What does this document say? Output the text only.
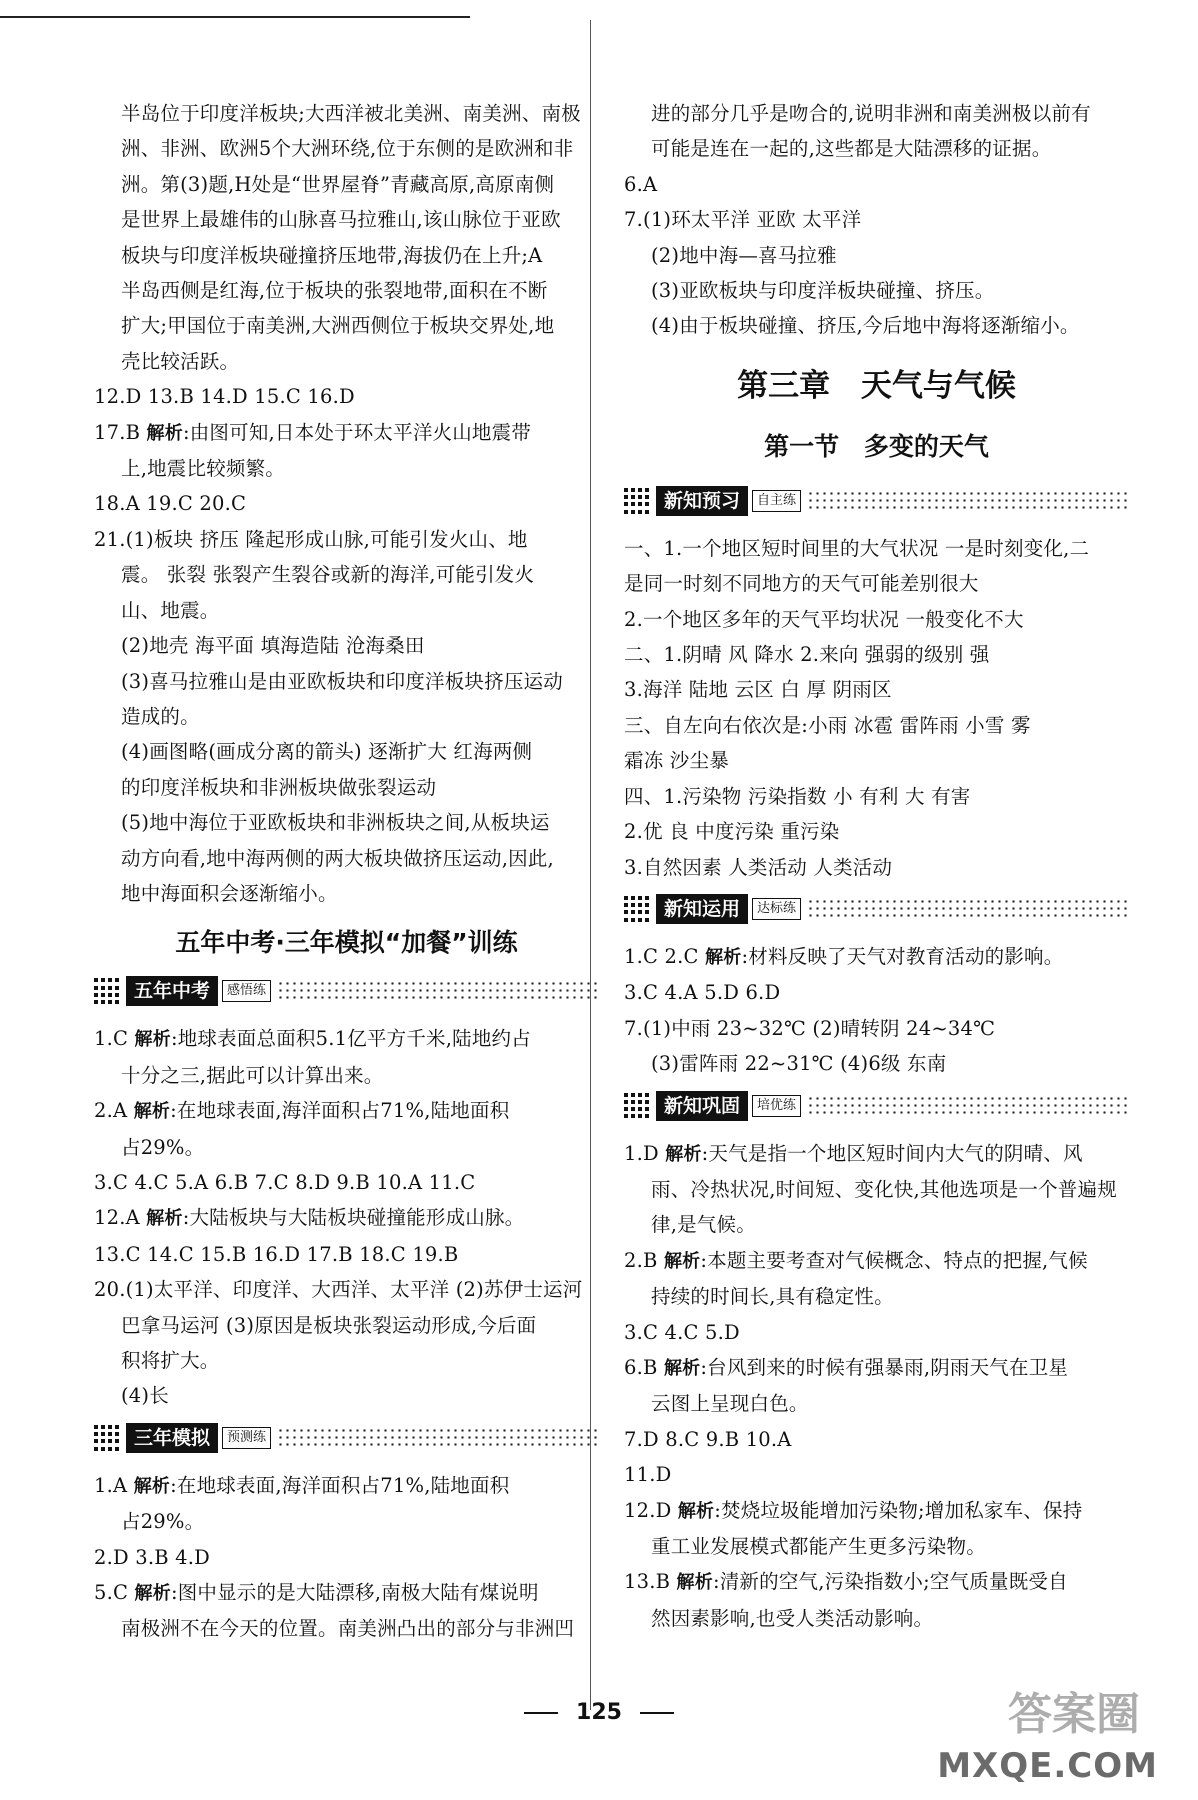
半岛位于印度洋板块;大西洋被北美洲、南美洲、南极
洲、非洲、欧洲5个大洲环绕,位于东侧的是欧洲和非
洲。第(3)题,H处是“世界屋脊”青藏高原,高原南侧
是世界上最雄伟的山脉喜马拉雅山,该山脉位于亚欧
板块与印度洋板块碰撞挤压地带,海拔仍在上升;A
半岛西侧是红海,位于板块的张裂地带,面积在不断
扩大;甲国位于南美洲,大洲西侧位于板块交界处,地
壳比较活跃。
12.D 13.B 14.D 15.C 16.D
17.B 解析:由图可知,日本处于环太平洋火山地震带
上,地震比较频繁。
18.A 19.C 20.C
21.(1)板块 挤压 隆起形成山脉,可能引发火山、地
震。 张裂 张裂产生裂谷或新的海洋,可能引发火
山、地震。
(2)地壳 海平面 填海造陆 沧海桑田
(3)喜马拉雅山是由亚欧板块和印度洋板块挤压运动
造成的。
(4)画图略(画成分离的箭头) 逐渐扩大 红海两侧
的印度洋板块和非洲板块做张裂运动
(5)地中海位于亚欧板块和非洲板块之间,从板块运
动方向看,地中海两侧的两大板块做挤压运动,因此,
地中海面积会逐渐缩小。
五年中考·三年模拟“加餐”训练
五年中考	感悟练
1.C 解析:地球表面总面积5.1亿平方千米,陆地约占
十分之三,据此可以计算出来。
2.A 解析:在地球表面,海洋面积占71%,陆地面积
占29%。
3.C 4.C 5.A 6.B 7.C 8.D 9.B 10.A 11.C
12.A 解析:大陆板块与大陆板块碰撞能形成山脉。
13.C 14.C 15.B 16.D 17.B 18.C 19.B
20.(1)太平洋、印度洋、大西洋、太平洋 (2)苏伊士运河
巴拿马运河 (3)原因是板块张裂运动形成,今后面
积将扩大。
(4)长
三年模拟	预测练
1.A 解析:在地球表面,海洋面积占71%,陆地面积
占29%。
2.D 3.B 4.D
5.C 解析:图中显示的是大陆漂移,南极大陆有煤说明
南极洲不在今天的位置。南美洲凸出的部分与非洲凹
进的部分几乎是吻合的,说明非洲和南美洲极以前有
可能是连在一起的,这些都是大陆漂移的证据。
6.A
7.(1)环太平洋 亚欧 太平洋
(2)地中海—喜马拉雅
(3)亚欧板块与印度洋板块碰撞、挤压。
(4)由于板块碰撞、挤压,今后地中海将逐渐缩小。
第三章 天气与气候
第一节 多变的天气
新知预习	自主练
一、1.一个地区短时间里的大气状况 一是时刻变化,二
是同一时刻不同地方的天气可能差别很大
2.一个地区多年的天气平均状况 一般变化不大
二、1.阴晴 风 降水 2.来向 强弱的级别 强
3.海洋 陆地 云区 白 厚 阴雨区
三、自左向右依次是:小雨 冰雹 雷阵雨 小雪 雾
霜冻 沙尘暴
四、1.污染物 污染指数 小 有利 大 有害
2.优 良 中度污染 重污染
3.自然因素 人类活动 人类活动
新知运用	达标练
1.C 2.C 解析:材料反映了天气对教育活动的影响。
3.C 4.A 5.D 6.D
7.(1)中雨 23~32℃ (2)晴转阴 24~34℃
(3)雷阵雨 22~31℃ (4)6级 东南
新知巩固	培优练
1.D 解析:天气是指一个地区短时间内大气的阴晴、风
雨、冷热状况,时间短、变化快,其他选项是一个普遍规
律,是气候。
2.B 解析:本题主要考查对气候概念、特点的把握,气候
持续的时间长,具有稳定性。
3.C 4.C 5.D
6.B 解析:台风到来的时候有强暴雨,阴雨天气在卫星
云图上呈现白色。
7.D 8.C 9.B 10.A
11.D
12.D 解析:焚烧垃圾能增加污染物;增加私家车、保持
重工业发展模式都能产生更多污染物。
13.B 解析:清新的空气,污染指数小;空气质量既受自
然因素影响,也受人类活动影响。
125	答案圈
MXQE.COM
